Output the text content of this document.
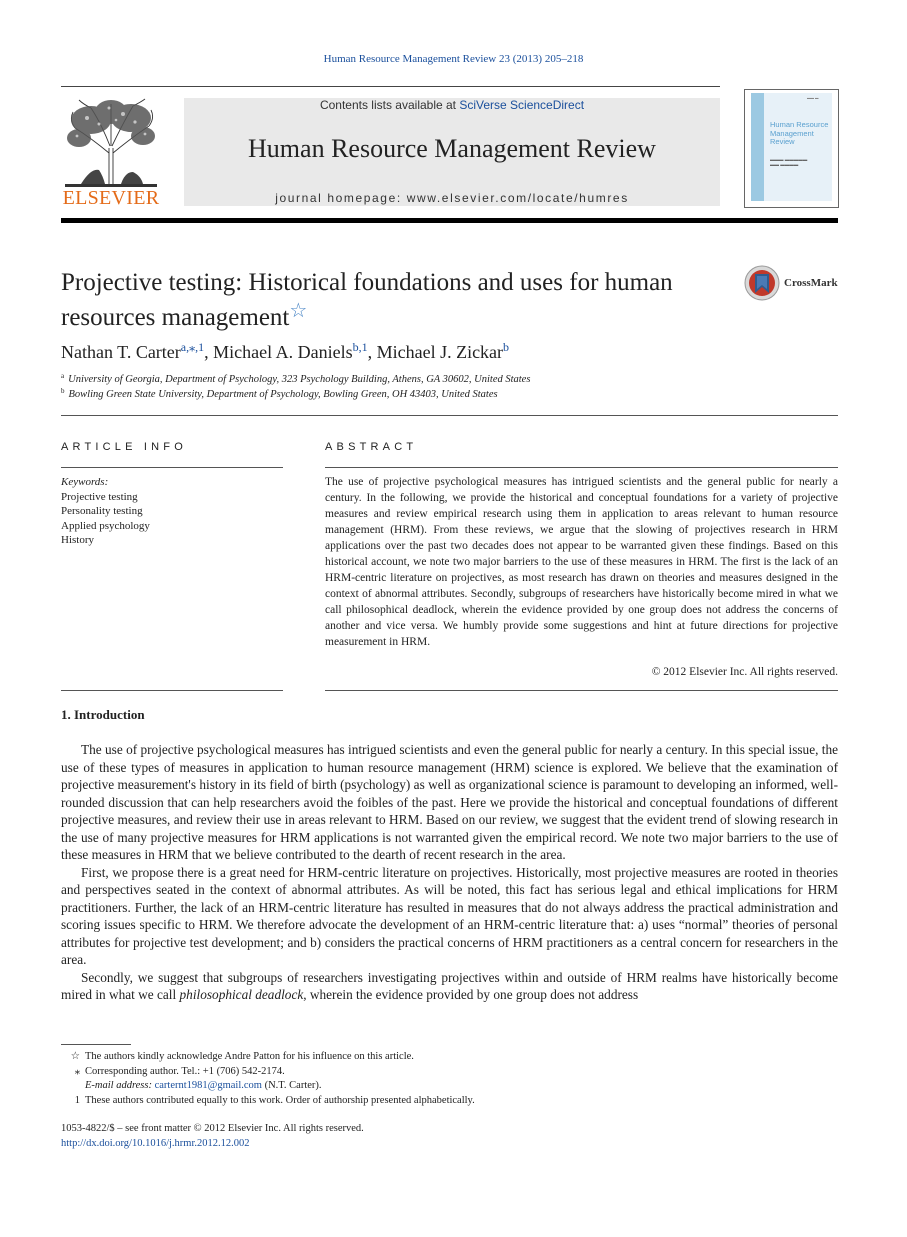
Human Resource Management Review 23 (2013) 205–218
ELSEVIER
Contents lists available at SciVerse ScienceDirect
Human Resource Management Review
journal homepage: www.elsevier.com/locate/humres
▬▬ ▬
Human Resource Management Review
▬▬▬ ▬▬▬▬▬
▬▬ ▬▬▬▬
Projective testing: Historical foundations and uses for human resources management☆
CrossMark
Nathan T. Carter$^{a,⁎,1}$, Michael A. Daniels$^{b,1}$, Michael J. Zickar$^b$
$^a$ University of Georgia, Department of Psychology, 323 Psychology Building, Athens, GA 30602, United States
$^b$ Bowling Green State University, Department of Psychology, Bowling Green, OH 43403, United States
ARTICLE INFO
Keywords:
Projective testing
Personality testing
Applied psychology
History
ABSTRACT
The use of projective psychological measures has intrigued scientists and the general public for nearly a century. In the following, we provide the historical and conceptual foundations for a variety of projective measures and review empirical research using them in application to areas relevant to human resource management (HRM). From these reviews, we argue that the slowing of projectives research in HRM applications over the past two decades does not appear to be warranted given these findings. Based on this historical account, we note two major barriers to the use of these measures in HRM. The first is the lack of an HRM-centric literature on projectives, as most research has drawn on theories and measures designed in the context of abnormal attributes. Secondly, subgroups of researchers have historically become mired in what we call philosophical deadlock, wherein the evidence provided by one group does not address the concerns of another and vice versa. We humbly provide some suggestions and hint at future directions for projective measurement in HRM.
© 2012 Elsevier Inc. All rights reserved.
1. Introduction

The use of projective psychological measures has intrigued scientists and even the general public for nearly a century. In this special issue, the use of these types of measures in application to human resource management (HRM) science is explored. We believe that the examination of projective measurement's history in its field of birth (psychology) as well as organizational science is paramount to developing an informed, well-rounded discussion that can help researchers avoid the foibles of the past. Here we provide the historical and conceptual foundations of different projective measures, and review their use in areas relevant to HRM. Based on our review, we suggest that the evident trend of slowing research in the use of many projective measures for HRM applications is not warranted given the empirical record. We note two major barriers to the use of these measures in HRM that we believe contributed to the dearth of recent research in the area.

First, we propose there is a great need for HRM-centric literature on projectives. Historically, most projective measures are rooted in theories and perspectives seated in the context of abnormal attributes. As will be noted, this fact has serious legal and ethical implications for HRM practitioners. Further, the lack of an HRM-centric literature has resulted in measures that do not always address the practical administration and scoring issues specific to HRM. We therefore advocate the development of an HRM-centric literature that: a) uses “normal” theories of personal attributes for projective test development; and b) considers the practical concerns of HRM practitioners as a central concern for researchers in the area.

Secondly, we suggest that subgroups of researchers investigating projectives within and outside of HRM realms have historically become mired in what we call philosophical deadlock, wherein the evidence provided by one group does not address

☆ The authors kindly acknowledge Andre Patton for his influence on this article.
⁎ Corresponding author. Tel.: +1 (706) 542-2174.
E-mail address: carternt1981@gmail.com (N.T. Carter).
1 These authors contributed equally to this work. Order of authorship presented alphabetically.
1053-4822/$ – see front matter © 2012 Elsevier Inc. All rights reserved.
http://dx.doi.org/10.1016/j.hrmr.2012.12.002
